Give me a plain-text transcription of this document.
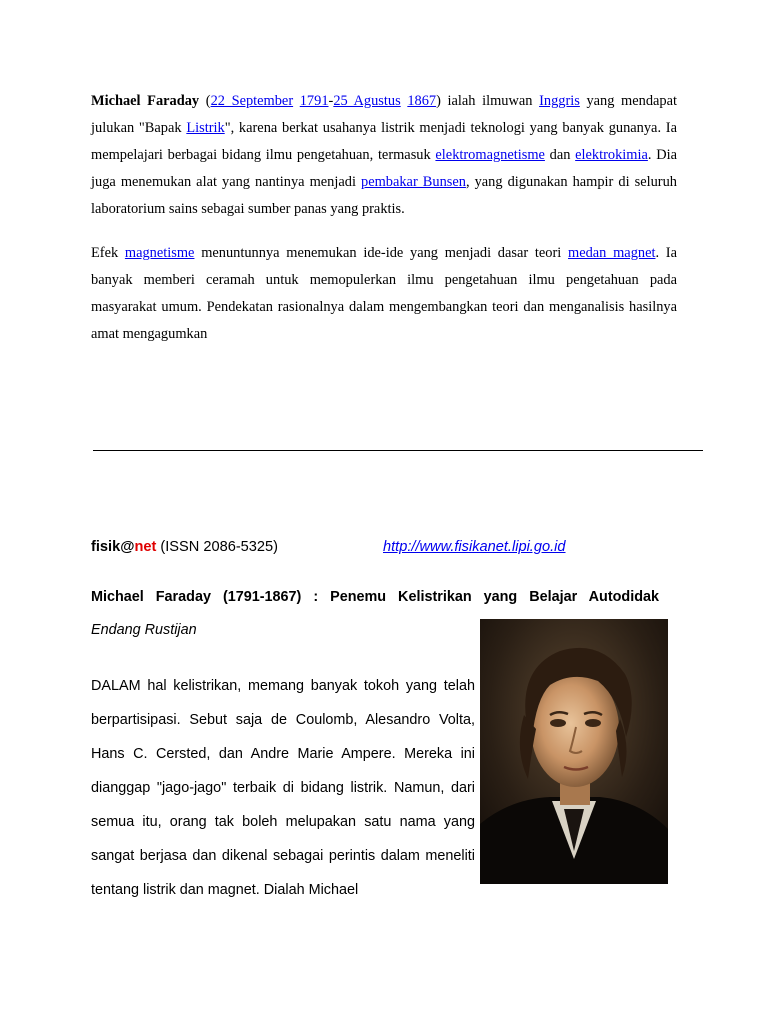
Michael Faraday (22 September 1791-25 Agustus 1867) ialah ilmuwan Inggris yang mendapat julukan "Bapak Listrik", karena berkat usahanya listrik menjadi teknologi yang banyak gunanya. Ia mempelajari berbagai bidang ilmu pengetahuan, termasuk elektromagnetisme dan elektrokimia. Dia juga menemukan alat yang nantinya menjadi pembakar Bunsen, yang digunakan hampir di seluruh laboratorium sains sebagai sumber panas yang praktis.

Efek magnetisme menuntunnya menemukan ide-ide yang menjadi dasar teori medan magnet. Ia banyak memberi ceramah untuk memopulerkan ilmu pengetahuan ilmu pengetahuan pada masyarakat umum. Pendekatan rasionalnya dalam mengembangkan teori dan menganalisis hasilnya amat mengagumkan

fisik@net (ISSN 2086-5325)	http://www.fisikanet.lipi.go.id

Michael Faraday (1791-1867) : Penemu Kelistrikan yang Belajar Autodidak

Endang Rustijan

DALAM hal kelistrikan, memang banyak tokoh yang telah berpartisipasi. Sebut saja de Coulomb, Alesandro Volta, Hans C. Cersted, dan Andre Marie Ampere. Mereka ini dianggap "jago-jago" terbaik di bidang listrik. Namun, dari semua itu, orang tak boleh melupakan satu nama yang sangat berjasa dan dikenal sebagai perintis dalam meneliti tentang listrik dan magnet. Dialah Michael
